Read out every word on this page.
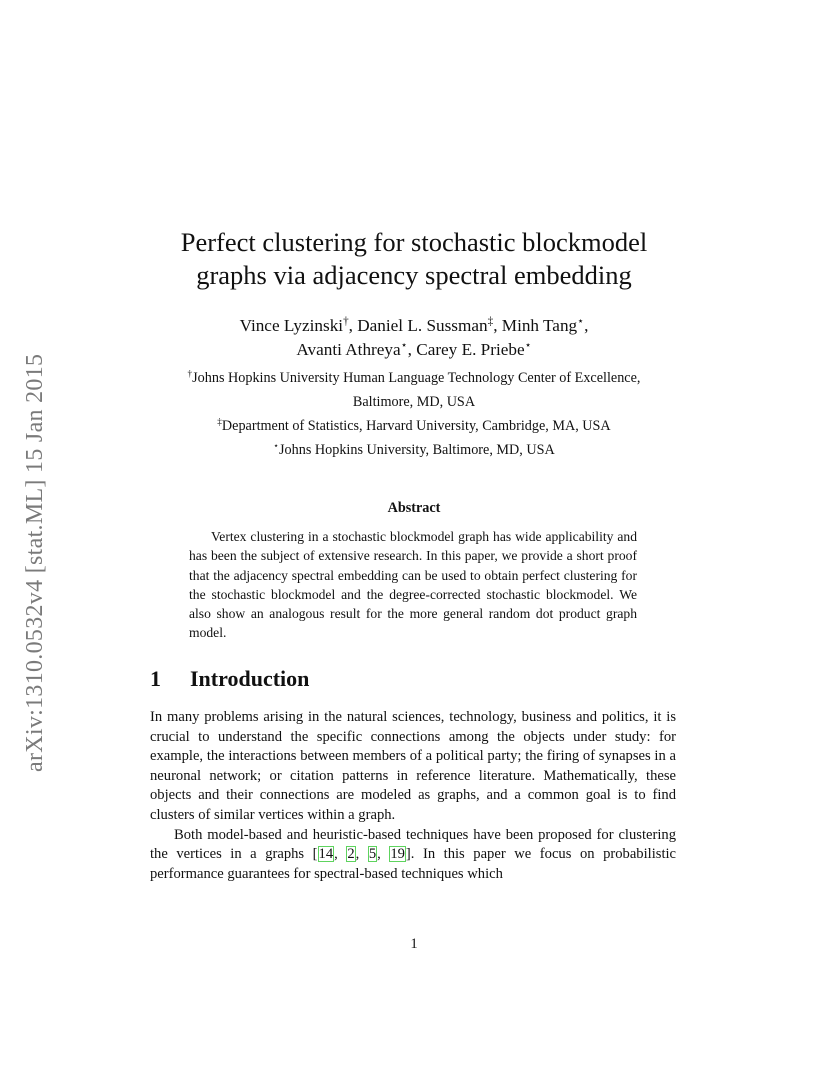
arXiv:1310.0532v4 [stat.ML] 15 Jan 2015
Perfect clustering for stochastic blockmodel
graphs via adjacency spectral embedding
Vince Lyzinski†, Daniel L. Sussman‡, Minh Tang⋆,
Avanti Athreya⋆, Carey E. Priebe⋆
†Johns Hopkins University Human Language Technology Center of Excellence,
Baltimore, MD, USA
‡Department of Statistics, Harvard University, Cambridge, MA, USA
⋆Johns Hopkins University, Baltimore, MD, USA
Abstract

Vertex clustering in a stochastic blockmodel graph has wide applicability and has been the subject of extensive research. In this paper, we provide a short proof that the adjacency spectral embedding can be used to obtain perfect clustering for the stochastic blockmodel and the degree-corrected stochastic blockmodel. We also show an analogous result for the more general random dot product graph model.

1 Introduction

In many problems arising in the natural sciences, technology, business and politics, it is crucial to understand the specific connections among the objects under study: for example, the interactions between members of a political party; the firing of synapses in a neuronal network; or citation patterns in reference literature. Mathematically, these objects and their connections are modeled as graphs, and a common goal is to find clusters of similar vertices within a graph.

Both model-based and heuristic-based techniques have been proposed for clustering the vertices in a graphs [14, 2, 5, 19]. In this paper we focus on probabilistic performance guarantees for spectral-based techniques which

1
